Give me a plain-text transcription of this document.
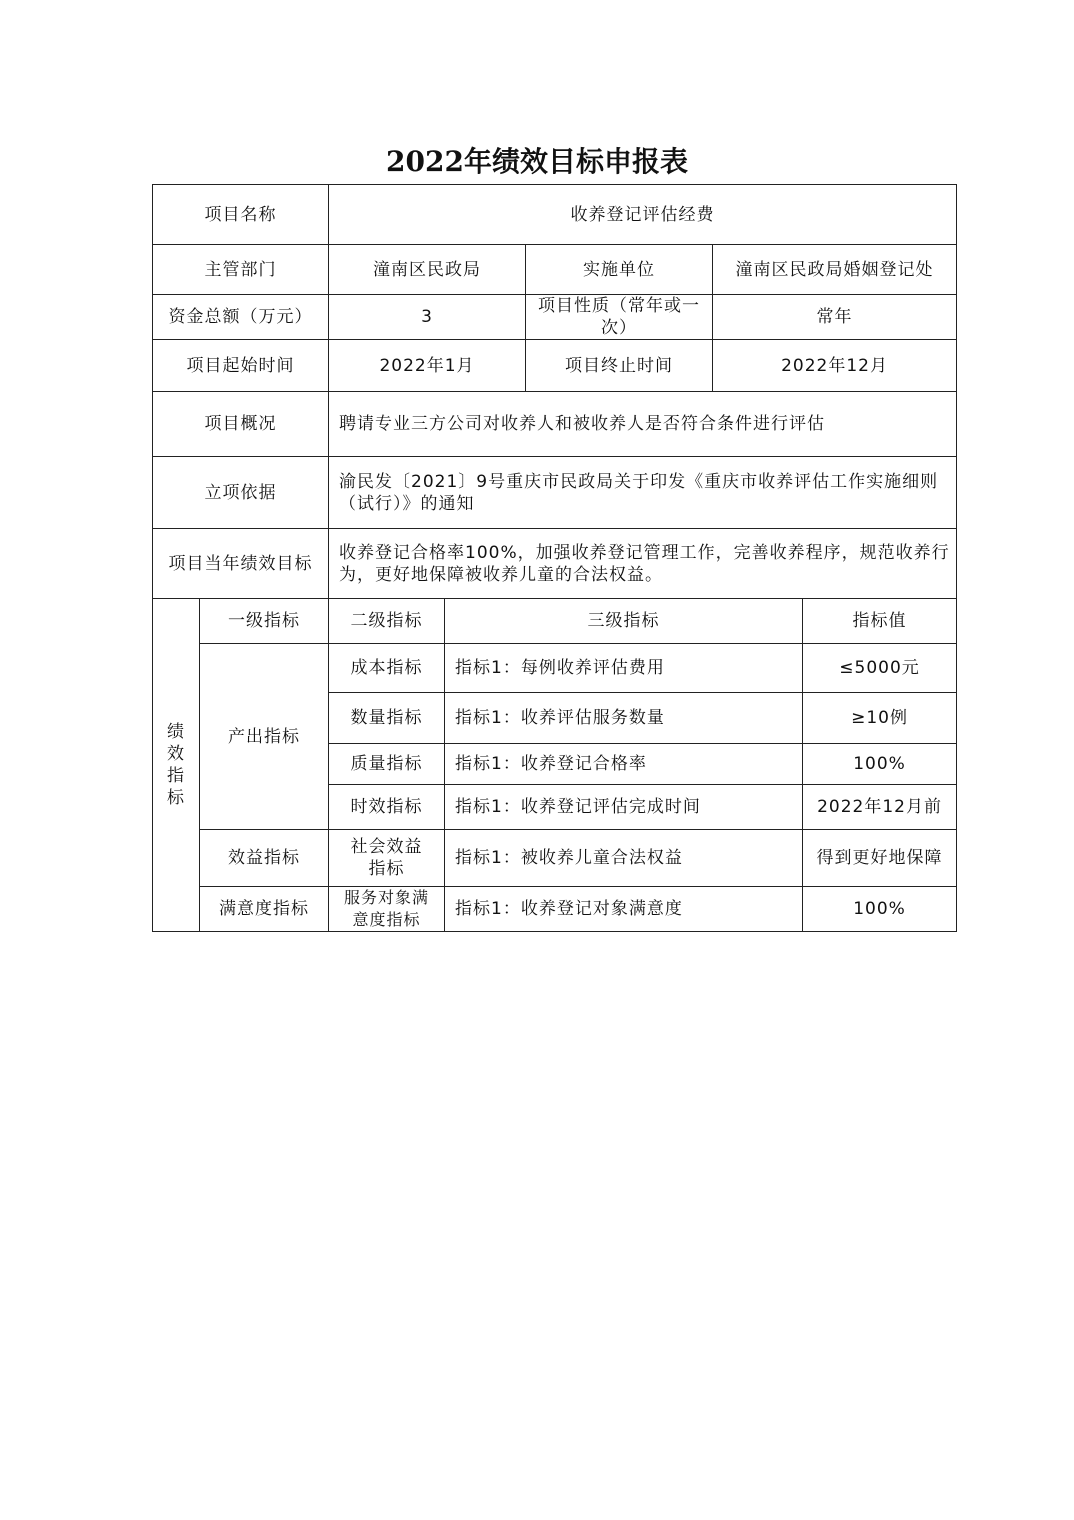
2022年绩效目标申报表
项目名称		收养登记评估经费				
主管部门		潼南区民政局		实施单位	潼南区民政局婚姻登记处	
资金总额（万元）		3		项目性质（常年或一次）	常年	
项目起始时间		2022年1月		项目终止时间	2022年12月	
项目概况		聘请专业三方公司对收养人和被收养人是否符合条件进行评估				
立项依据		渝民发〔2021〕9号重庆市民政局关于印发《重庆市收养评估工作实施细则（试行）》的通知				
项目当年绩效目标		收养登记合格率100%，加强收养登记管理工作，完善收养程序，规范收养行为，更好地保障被收养儿童的合法权益。				
绩效指标	一级指标	二级指标	三级指标			指标值
	产出指标	成本指标	指标1：每例收养评估费用			≤5000元
		数量指标	指标1：收养评估服务数量			≥10例
		质量指标	指标1：收养登记合格率			100%
		时效指标	指标1：收养登记评估完成时间			2022年12月前
	效益指标	社会效益指标	指标1：被收养儿童合法权益			得到更好地保障
	满意度指标	服务对象满意度指标	指标1：收养登记对象满意度			100%
